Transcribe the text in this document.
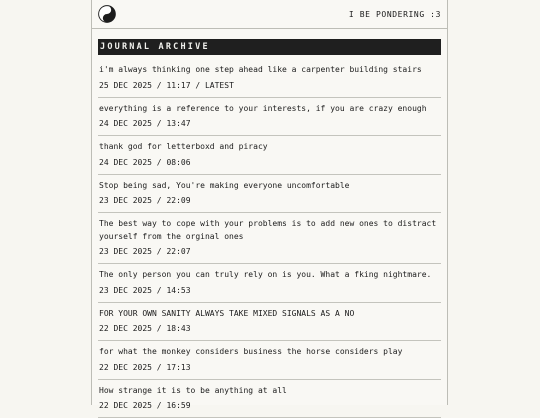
I BE PONDERING :3
JOURNAL ARCHIVE

i'm always thinking one step ahead like a carpenter building stairs

25 DEC 2025 / 11:17 / LATEST

everything is a reference to your interests, if you are crazy enough

24 DEC 2025 / 13:47

thank god for letterboxd and piracy

24 DEC 2025 / 08:06

Stop being sad, You're making everyone uncomfortable

23 DEC 2025 / 22:09

The best way to cope with your problems is to add new ones to distract yourself from the orginal ones

23 DEC 2025 / 22:07

The only person you can truly rely on is you. What a fking nightmare.

23 DEC 2025 / 14:53

FOR YOUR OWN SANITY ALWAYS TAKE MIXED SIGNALS AS A NO

22 DEC 2025 / 18:43

for what the monkey considers business the horse considers play

22 DEC 2025 / 17:13

How strange it is to be anything at all

22 DEC 2025 / 16:59
